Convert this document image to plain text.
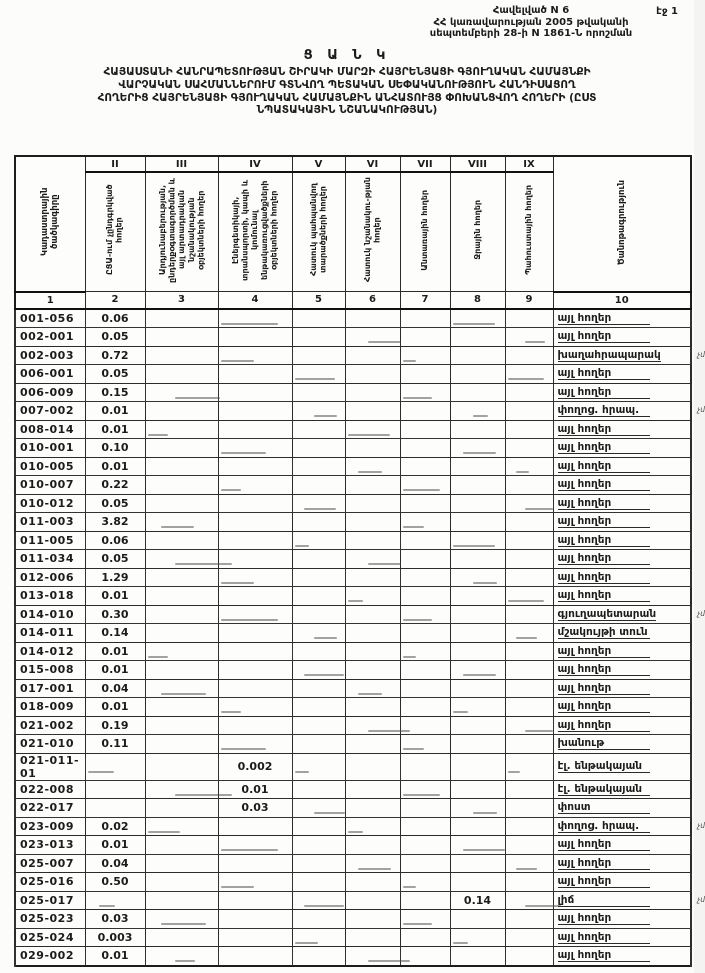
Հավելված N 6
ՀՀ կառավարության 2005 թվականի
սեպտեմբերի 28-ի N 1861-Ն որոշման
էջ 1
Ց Ա Ն Կ
ՀԱՅԱՍՏԱՆԻ ՀԱՆՐԱՊԵՏՈՒԹՅԱՆ ՇԻՐԱԿԻ ՄԱՐԶԻ ՀԱՅՐԵՆՅԱՑԻ ԳՅՈՒՂԱԿԱՆ ՀԱՄԱՅՆՔԻ
ՎԱՐՉԱԿԱՆ ՍԱՀՄԱՆՆԵՐՈՒՄ ԳՏՆՎՈՂ ՊԵՏԱԿԱՆ ՍԵՓԱԿԱՆՈՒԹՅՈՒՆ ՀԱՆԴԻՍԱՑՈՂ
ՀՈՂԵՐԻՑ ՀԱՅՐԵՆՅԱՑԻ ԳՅՈՒՂԱԿԱՆ ՀԱՄԱՅՆՔԻՆ ԱՆՀԱՏՈՒՅՑ ՓՈԽԱՆՑՎՈՂ ՀՈՂԵՐԻ (ԸՍՏ
ՆՊԱՏԱԿԱՅԻՆ ՆՇԱՆԱԿՈՒԹՅԱՆ)
Կադաստրային ծածկագիրը	II	III	IV	V	VI	VII	VIII	IX	Ծանոթագրություն
	ԸՑԱ-ում չընդգրկված հողեր	Արդյունաբերության, ընդերքօգտագործման և այլ արտադրական նշանակության օբյեկտների հողեր	Էներգետիկայի, տրանսպորտի, կապի և կոմունալ ենթակառուցվածքների օբյեկտների հողեր	Հատուկ պահպանվող տարածքների հողեր	Հատուկ նշանակու-թյան հողեր	Անտառային հողեր	Ջրային հողեր	Պահուստային հողեր	
1	2	3	4	5	6	7	8	9	10
001-056	0.06								այլ հողեր
002-001	0.05								այլ հողեր
002-003	0.72								խաղահրապարակ չմ

006-001	0.05								այլ հողեր
006-009	0.15								այլ հողեր
007-002	0.01								փողոց. հրապ. չմ

008-014	0.01								այլ հողեր
010-001	0.10								այլ հողեր
010-005	0.01								այլ հողեր
010-007	0.22								այլ հողեր
010-012	0.05								այլ հողեր
011-003	3.82								այլ հողեր
011-005	0.06								այլ հողեր
011-034	0.05								այլ հողեր
012-006	1.29								այլ հողեր
013-018	0.01								այլ հողեր
014-010	0.30								գյուղապետարան չմ

014-011	0.14								մշակույթի տուն
014-012	0.01								այլ հողեր
015-008	0.01								այլ հողեր
017-001	0.04								այլ հողեր
018-009	0.01								այլ հողեր
021-002	0.19								այլ հողեր
021-010	0.11								խանութ
021-011-01			0.002						էլ. ենթակայան
022-008			0.01						էլ. ենթակայան
022-017			0.03						փոստ
023-009	0.02								փողոց. հրապ. չմ

023-013	0.01								այլ հողեր
025-007	0.04								այլ հողեր
025-016	0.50								այլ հողեր
025-017							0.14		լիճ չմ

025-023	0.03								այլ հողեր
025-024	0.003								այլ հողեր
029-002	0.01								այլ հողեր
